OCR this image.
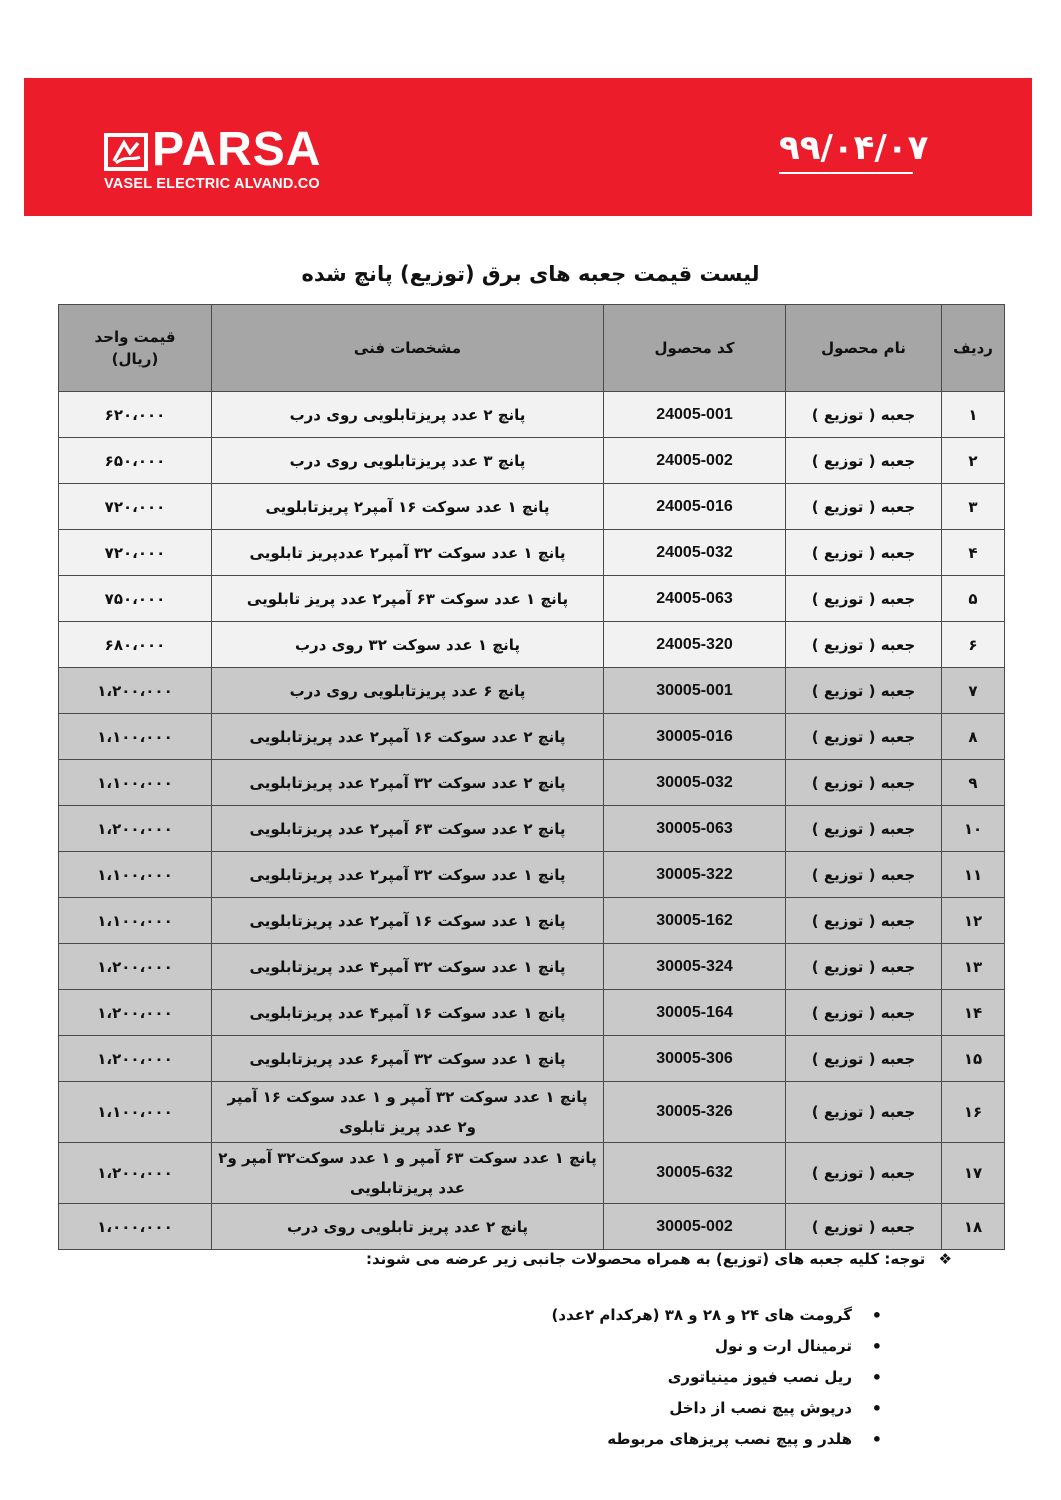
PARSA
VASEL ELECTRIC ALVAND.CO
۹۹/۰۴/۰۷
لیست قیمت جعبه های برق (توزیع) پانچ شده
ردیف	نام محصول	کد محصول	مشخصات فنی	قیمت واحد
(ریال)

۱	جعبه ( توزیع )	24005-001	پانچ ۲ عدد پریزتابلویی روی درب	۶۲۰،۰۰۰
۲	جعبه ( توزیع )	24005-002	پانچ ۳ عدد پریزتابلویی روی درب	۶۵۰،۰۰۰
۳	جعبه ( توزیع )	24005-016	پانچ ۱ عدد سوکت ۱۶ آمپر۲ پریزتابلویی	۷۲۰،۰۰۰
۴	جعبه ( توزیع )	24005-032	پانچ ۱ عدد سوکت ۳۲ آمپر۲ عددپریز تابلویی	۷۲۰،۰۰۰
۵	جعبه ( توزیع )	24005-063	پانچ ۱ عدد سوکت ۶۳ آمپر۲ عدد پریز تابلویی	۷۵۰،۰۰۰
۶	جعبه ( توزیع )	24005-320	پانچ ۱ عدد سوکت ۳۲ روی درب	۶۸۰،۰۰۰
۷	جعبه ( توزیع )	30005-001	پانچ ۶ عدد پریزتابلویی روی درب	۱،۲۰۰،۰۰۰
۸	جعبه ( توزیع )	30005-016	پانچ ۲ عدد سوکت ۱۶ آمپر۲ عدد پریزتابلویی	۱،۱۰۰،۰۰۰
۹	جعبه ( توزیع )	30005-032	پانچ ۲ عدد سوکت ۳۲ آمپر۲ عدد پریزتابلویی	۱،۱۰۰،۰۰۰
۱۰	جعبه ( توزیع )	30005-063	پانچ ۲ عدد سوکت ۶۳ آمپر۲ عدد پریزتابلویی	۱،۲۰۰،۰۰۰
۱۱	جعبه ( توزیع )	30005-322	پانچ ۱ عدد سوکت ۳۲ آمپر۲ عدد پریزتابلویی	۱،۱۰۰،۰۰۰
۱۲	جعبه ( توزیع )	30005-162	پانچ ۱ عدد سوکت ۱۶ آمپر۲ عدد پریزتابلویی	۱،۱۰۰،۰۰۰
۱۳	جعبه ( توزیع )	30005-324	پانچ ۱ عدد سوکت ۳۲ آمپر۴ عدد پریزتابلویی	۱،۲۰۰،۰۰۰
۱۴	جعبه ( توزیع )	30005-164	پانچ ۱ عدد سوکت ۱۶ آمپر۴ عدد پریزتابلویی	۱،۲۰۰،۰۰۰
۱۵	جعبه ( توزیع )	30005-306	پانچ ۱ عدد سوکت ۳۲ آمپر۶ عدد پریزتابلویی	۱،۲۰۰،۰۰۰
۱۶	جعبه ( توزیع )	30005-326	پانچ ۱ عدد سوکت ۳۲ آمپر و ۱ عدد سوکت ۱۶ آمپر و۲ عدد پریز تابلوی	۱،۱۰۰،۰۰۰
۱۷	جعبه ( توزیع )	30005-632	پانچ ۱ عدد سوکت ۶۳ آمپر و ۱ عدد سوکت۳۲ آمپر و۲ عدد پریزتابلویی	۱،۲۰۰،۰۰۰
۱۸	جعبه ( توزیع )	30005-002	پانچ ۲ عدد پریز تابلویی روی درب	۱،۰۰۰،۰۰۰
❖ توجه: کلیه جعبه های (توزیع) به همراه محصولات جانبی زیر عرضه می شوند:
•
گرومت های ۲۴ و ۲۸ و ۳۸ (هرکدام ۲عدد)
•
ترمینال ارت و نول
•
ریل نصب فیوز مینیاتوری
•
درپوش پیچ نصب از داخل
•
هلدر و پیچ نصب پریزهای مربوطه
